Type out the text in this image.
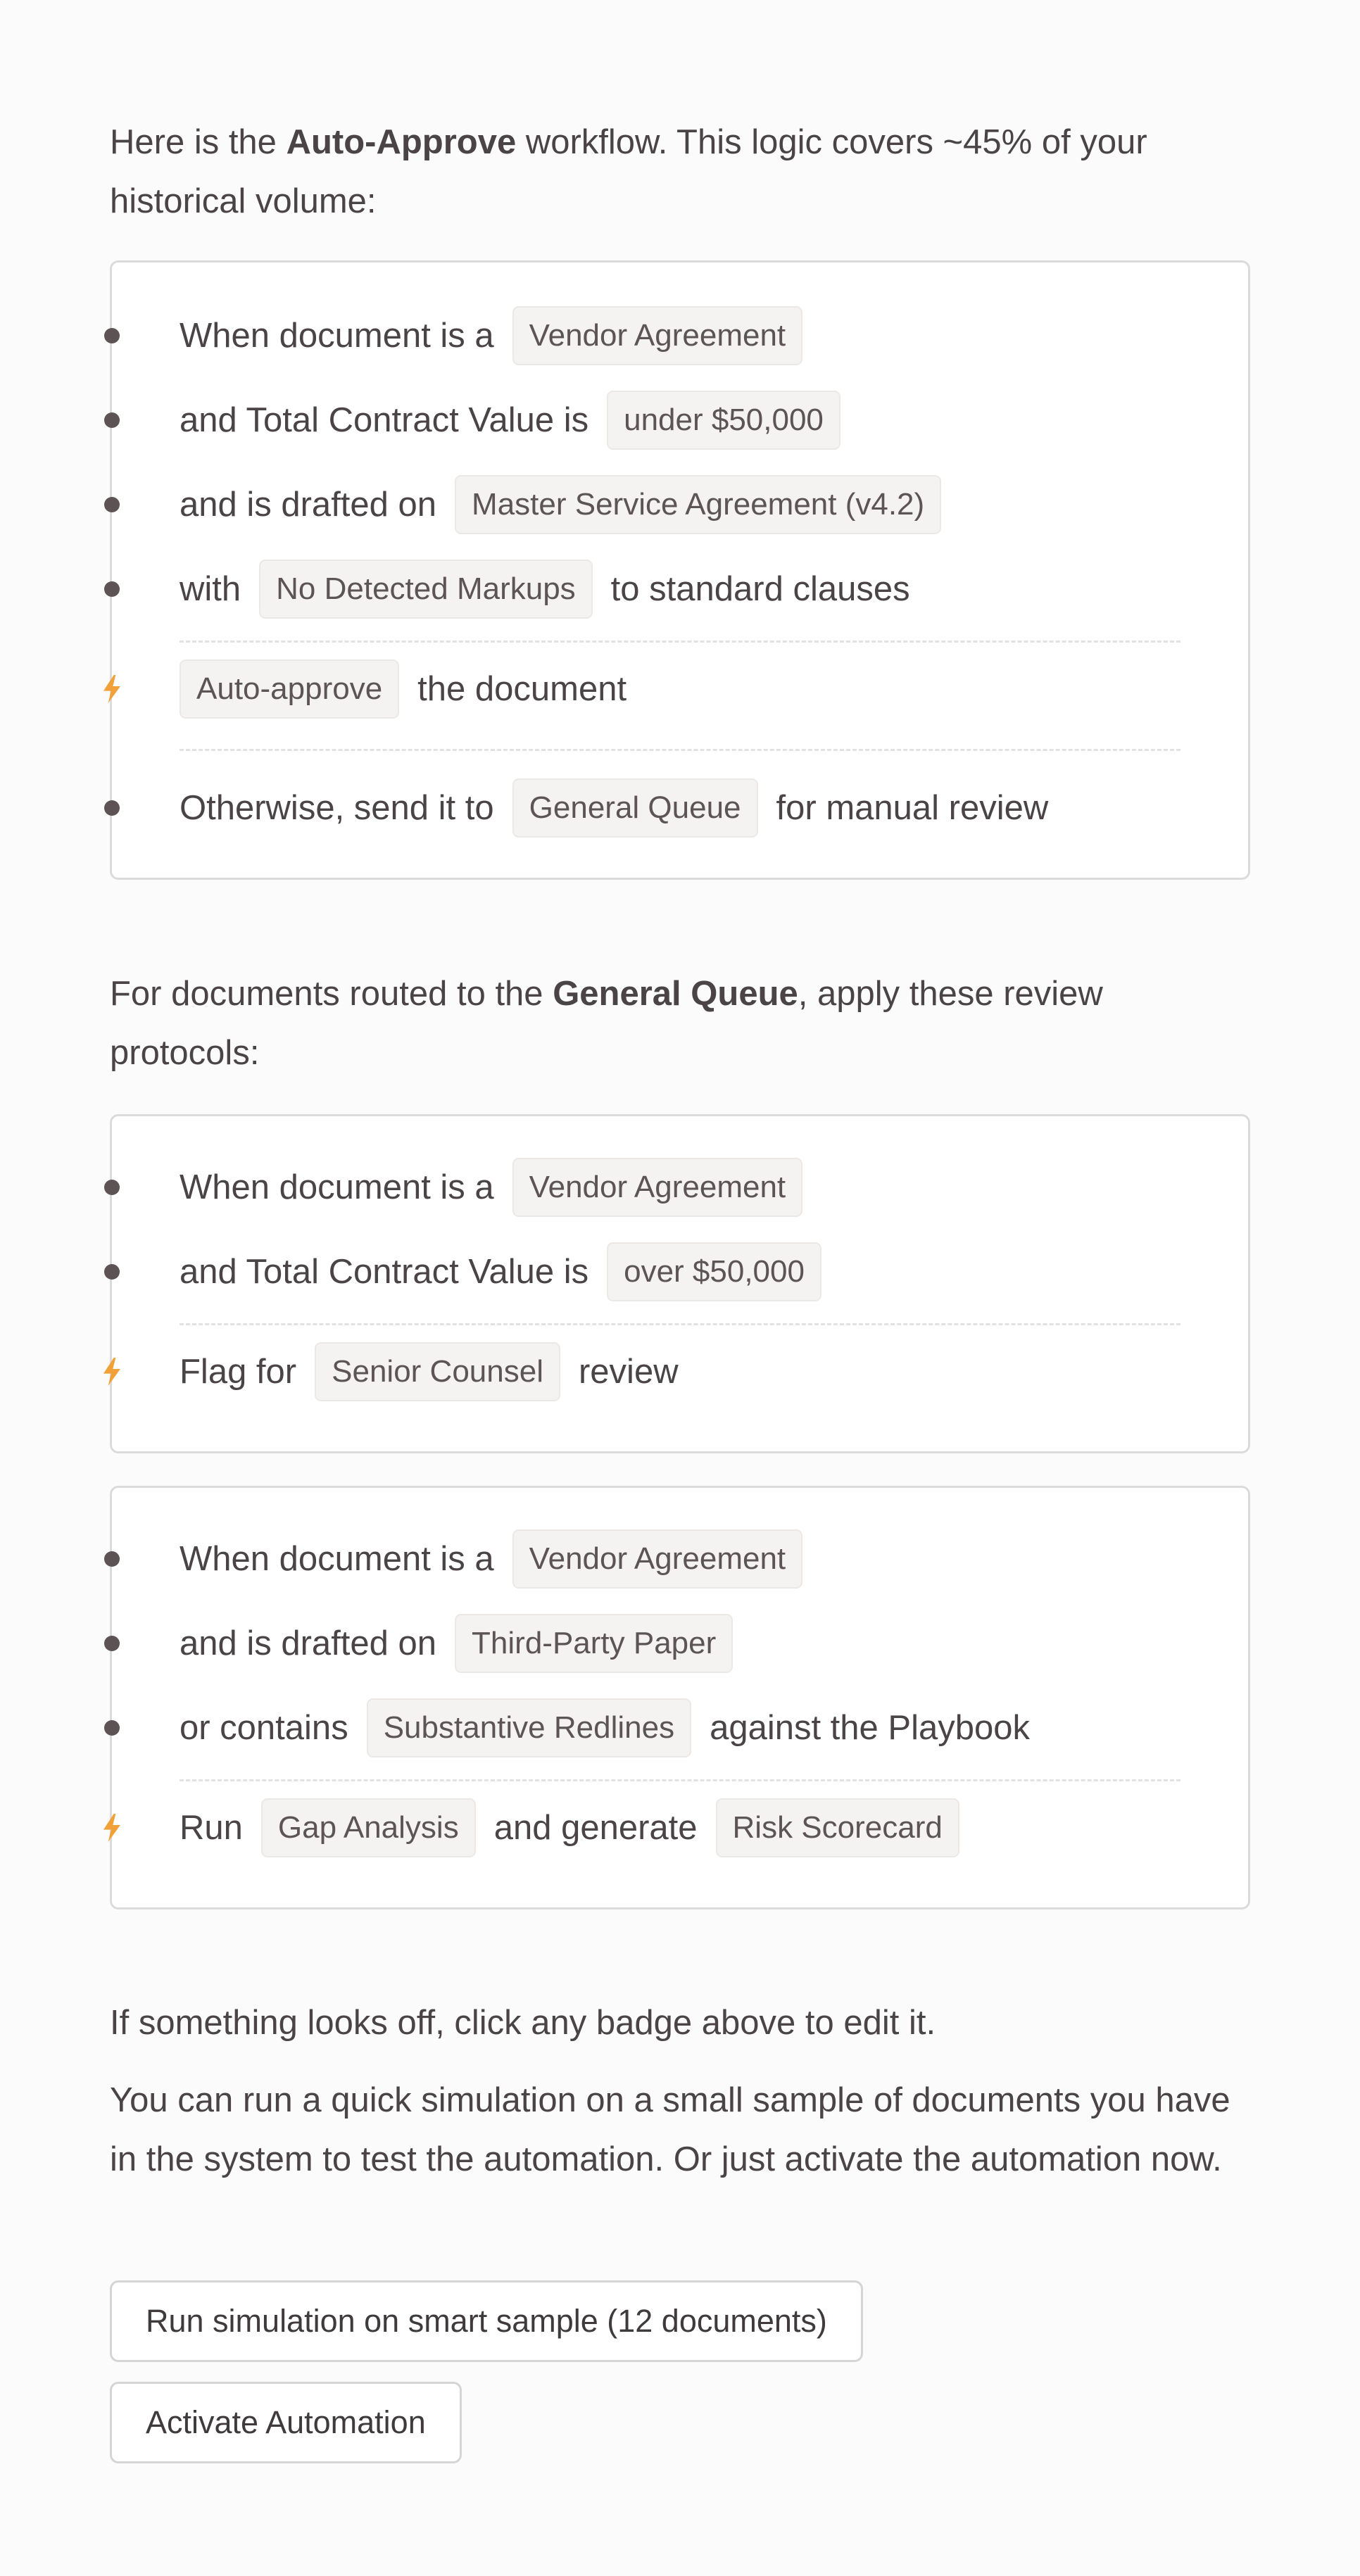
Here is the Auto-Approve workflow. This logic covers ~45% of your historical volume:

When document is a	Vendor Agreement
and Total Contract Value is	under $50,000
and is drafted on	Master Service Agreement (v4.2)
with	No Detected Markups	to standard clauses
Auto-approve	the document
Otherwise, send it to	General Queue	for manual review

For documents routed to the General Queue, apply these review protocols:

When document is a	Vendor Agreement
and Total Contract Value is	over $50,000
Flag for	Senior Counsel	review
When document is a	Vendor Agreement
and is drafted on	Third-Party Paper
or contains	Substantive Redlines	against the Playbook
Run	Gap Analysis	and generate	Risk Scorecard

If something looks off, click any badge above to edit it.

You can run a quick simulation on a small sample of documents you have in the system to test the automation. Or just activate the automation now.

Run simulation on smart sample (12 documents)
Activate Automation
